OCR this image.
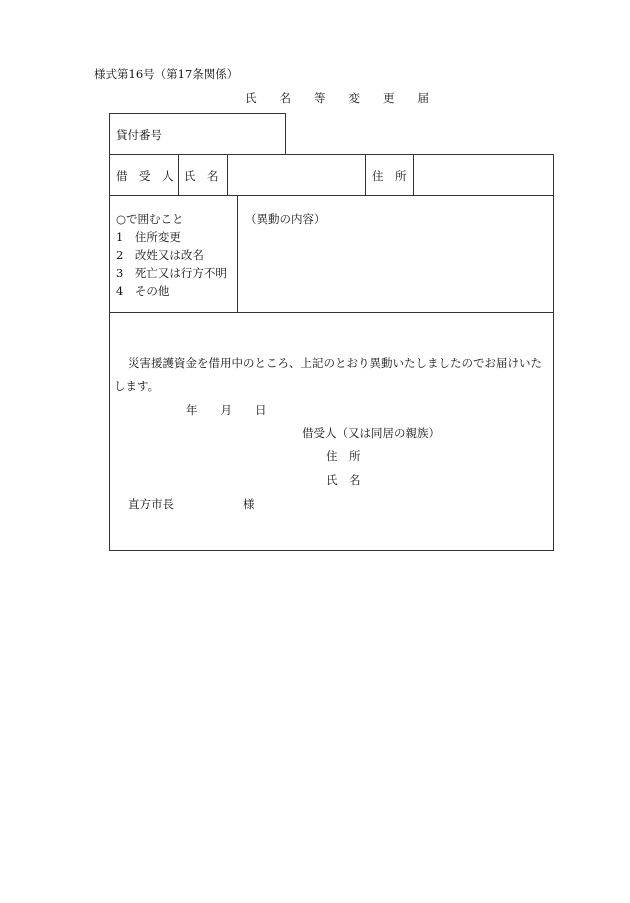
様式第16号（第17条関係）
氏　　名　　等　　変　　更　　届
貸付番号
借　受　人 氏　名	住　所
○で囲むこと
1　住所変更
2　改姓又は改名
3　死亡又は行方不明
4　その他
（異動の内容）
災害援護資金を借用中のところ、上記のとおり異動いたしましたのでお届けいた
します。
年　　月　　日
借受人（又は同居の親族）
住　所
氏　名
直方市長　　　　　　様
